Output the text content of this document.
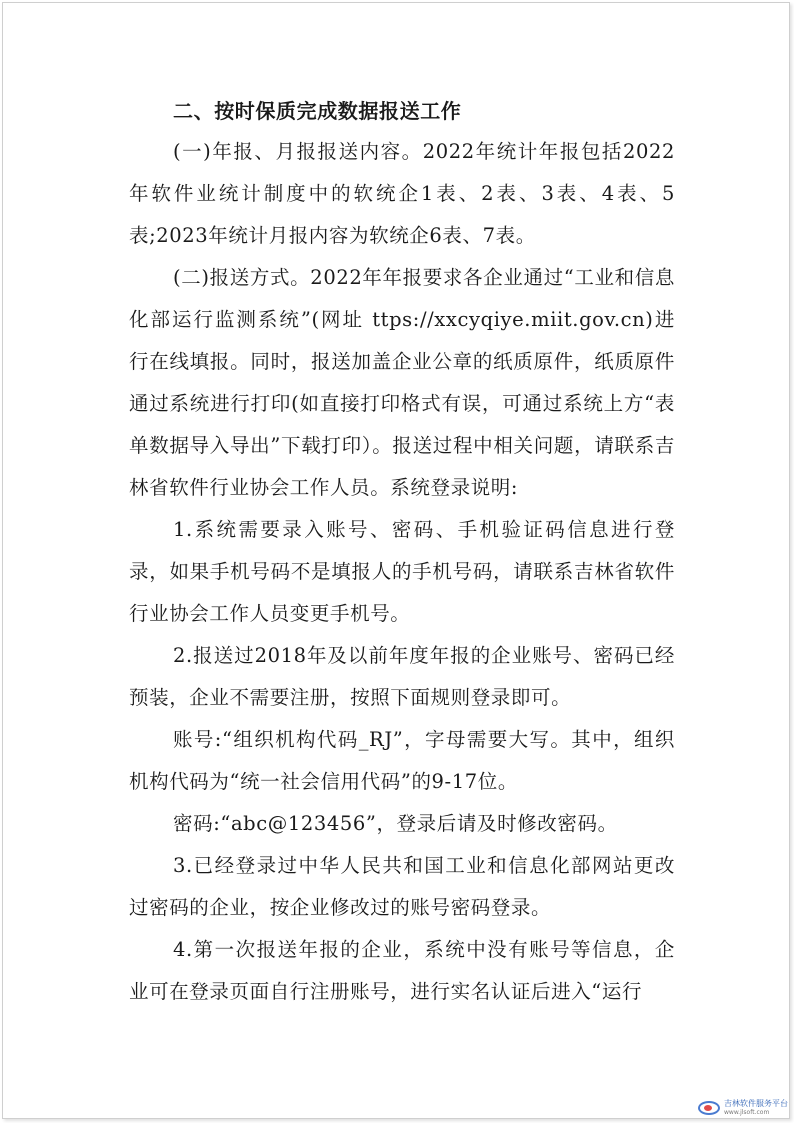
二、按时保质完成数据报送工作

(一)年报、月报报送内容。2022年统计年报包括2022年软件业统计制度中的软统企1表、2表、3表、4表、5表;2023年统计月报内容为软统企6表、7表。

(二)报送方式。2022年年报要求各企业通过“工业和信息化部运行监测系统”(网址 ttps://xxcyqiye.miit.gov.cn)进行在线填报。同时，报送加盖企业公章的纸质原件，纸质原件通过系统进行打印(如直接打印格式有误，可通过系统上方“表单数据导入导出”下载打印）。报送过程中相关问题，请联系吉林省软件行业协会工作人员。系统登录说明:

1.系统需要录入账号、密码、手机验证码信息进行登录，如果手机号码不是填报人的手机号码，请联系吉林省软件行业协会工作人员变更手机号。

2.报送过2018年及以前年度年报的企业账号、密码已经预装，企业不需要注册，按照下面规则登录即可。

账号:“组织机构代码_RJ”，字母需要大写。其中，组织机构代码为“统一社会信用代码”的9-17位。

密码:“abc@123456”，登录后请及时修改密码。

3.已经登录过中华人民共和国工业和信息化部网站更改过密码的企业，按企业修改过的账号密码登录。

4.第一次报送年报的企业，系统中没有账号等信息，企业可在登录页面自行注册账号，进行实名认证后进入“运行

吉林软件服务平台
www.jlsoft.com
